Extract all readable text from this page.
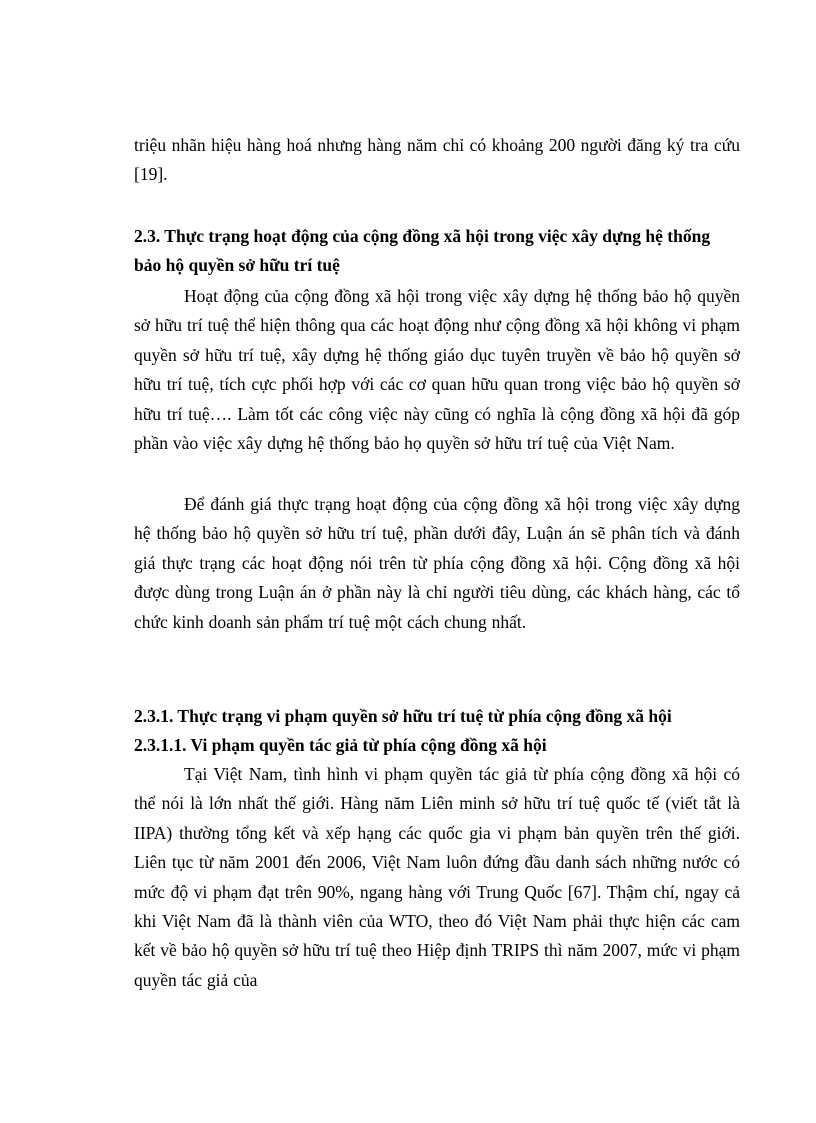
triệu nhãn hiệu hàng hoá nhưng hàng năm chỉ có khoảng 200 người đăng ký tra cứu [19].

2.3. Thực trạng hoạt động của cộng đồng xã hội trong việc xây dựng hệ thống bảo hộ quyền sở hữu trí tuệ

Hoạt động của cộng đồng xã hội trong việc xây dựng hệ thống bảo hộ quyền sở hữu trí tuệ thể hiện thông qua các hoạt động như cộng đồng xã hội không vi phạm quyền sở hữu trí tuệ, xây dựng hệ thống giáo dục tuyên truyền về bảo hộ quyền sở hữu trí tuệ, tích cực phối hợp với các cơ quan hữu quan trong việc bảo hộ quyền sở hữu trí tuệ…. Làm tốt các công việc này cũng có nghĩa là cộng đồng xã hội đã góp phần vào việc xây dựng hệ thống bảo họ quyền sở hữu trí tuệ của Việt Nam.

Để đánh giá thực trạng hoạt động của cộng đồng xã hội trong việc xây dựng hệ thống bảo hộ quyền sở hữu trí tuệ, phần dưới đây, Luận án sẽ phân tích và đánh giá thực trạng các hoạt động nói trên từ phía cộng đồng xã hội. Cộng đồng xã hội được dùng trong Luận án ở phần này là chỉ người tiêu dùng, các khách hàng, các tổ chức kinh doanh sản phẩm trí tuệ một cách chung nhất.

2.3.1. Thực trạng vi phạm quyền sở hữu trí tuệ từ phía cộng đồng xã hội
2.3.1.1. Vi phạm quyền tác giả từ phía cộng đồng xã hội

Tại Việt Nam, tình hình vi phạm quyền tác giả từ phía cộng đồng xã hội có thể nói là lớn nhất thế giới. Hàng năm Liên minh sở hữu trí tuệ quốc tế (viết tắt là IIPA) thường tổng kết và xếp hạng các quốc gia vi phạm bản quyền trên thế giới. Liên tục từ năm 2001 đến 2006, Việt Nam luôn đứng đầu danh sách những nước có mức độ vi phạm đạt trên 90%, ngang hàng với Trung Quốc [67]. Thậm chí, ngay cả khi Việt Nam đã là thành viên của WTO, theo đó Việt Nam phải thực hiện các cam kết về bảo hộ quyền sở hữu trí tuệ theo Hiệp định TRIPS thì năm 2007, mức vi phạm quyền tác giả của
